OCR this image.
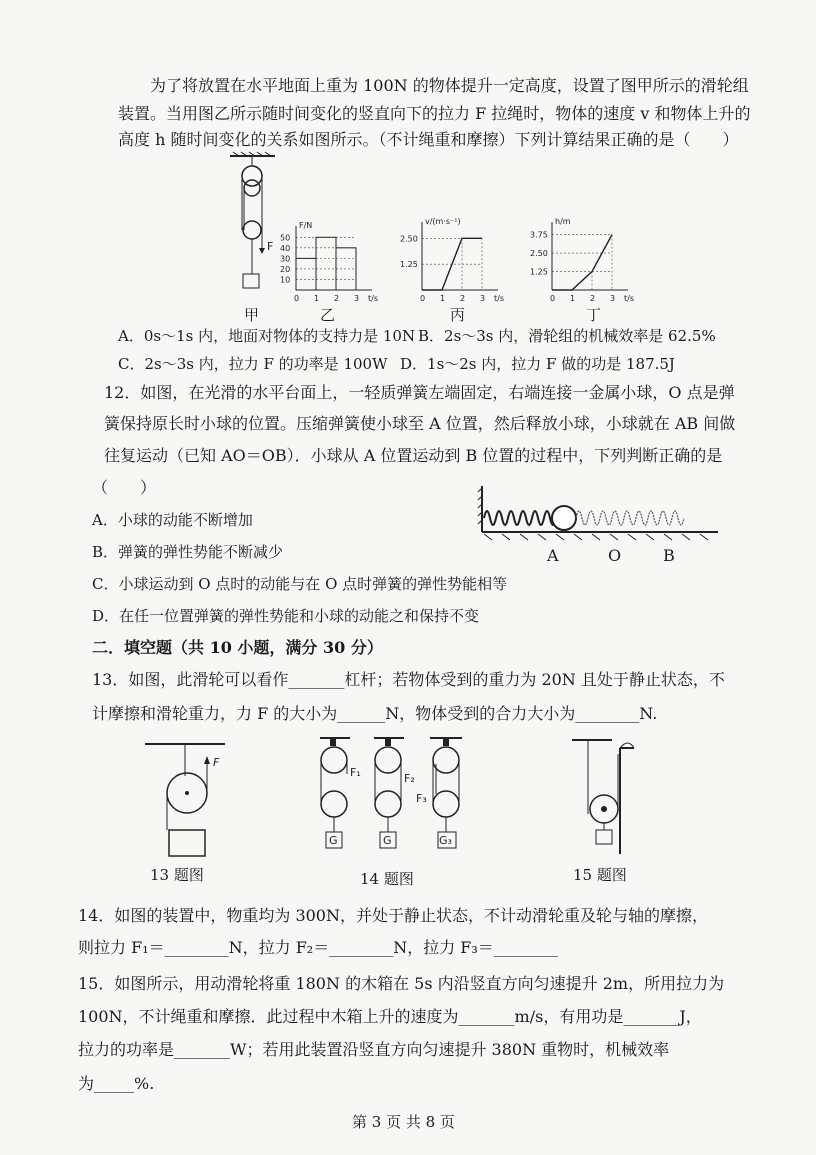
为了将放置在水平地面上重为 100N 的物体提升一定高度，设置了图甲所示的滑轮组
装置。当用图乙所示随时间变化的竖直向下的拉力 F 拉绳时，物体的速度 v 和物体上升的
高度 h 随时间变化的关系如图所示。（不计绳重和摩擦）下列计算结果正确的是（　　）
F
甲
F/N
t/s
0 1 2 3
10
20
30
40
50
乙
v/(m·s⁻¹)
t/s
0 1 2 3
1.25
2.50
丙
h/m
t/s
0 1 2 3
1.25
2.50
3.75
丁
A．0s～1s 内，地面对物体的支持力是 10N B．2s～3s 内，滑轮组的机械效率是 62.5%
C．2s～3s 内，拉力 F 的功率是 100W D．1s～2s 内，拉力 F 做的功是 187.5J
12．如图，在光滑的水平台面上，一轻质弹簧左端固定，右端连接一金属小球，O 点是弹
簧保持原长时小球的位置。压缩弹簧使小球至 A 位置，然后释放小球，小球就在 AB 间做
往复运动（已知 AO＝OB）．小球从 A 位置运动到 B 位置的过程中，下列判断正确的是
（　　）
A	O	B
A．小球的动能不断增加
B．弹簧的弹性势能不断减少
C．小球运动到 O 点时的动能与在 O 点时弹簧的弹性势能相等
D．在任一位置弹簧的弹性势能和小球的动能之和保持不变
二．填空题（共 10 小题，满分 30 分）
13．如图，此滑轮可以看作_______杠杆；若物体受到的重力为 20N 且处于静止状态，不
计摩擦和滑轮重力，力 F 的大小为______N，物体受到的合力大小为________N.
F
F₁
G
F₂
G
F₃
G₃
13 题图	14 题图	15 题图
14．如图的装置中，物重均为 300N，并处于静止状态，不计动滑轮重及轮与轴的摩擦，
则拉力 F₁＝________N，拉力 F₂＝________N，拉力 F₃＝________
15．如图所示，用动滑轮将重 180N 的木箱在 5s 内沿竖直方向匀速提升 2m，所用拉力为
100N，不计绳重和摩擦．此过程中木箱上升的速度为_______m/s，有用功是_______J，
拉力的功率是_______W；若用此装置沿竖直方向匀速提升 380N 重物时，机械效率
为_____%.
第 3 页 共 8 页
